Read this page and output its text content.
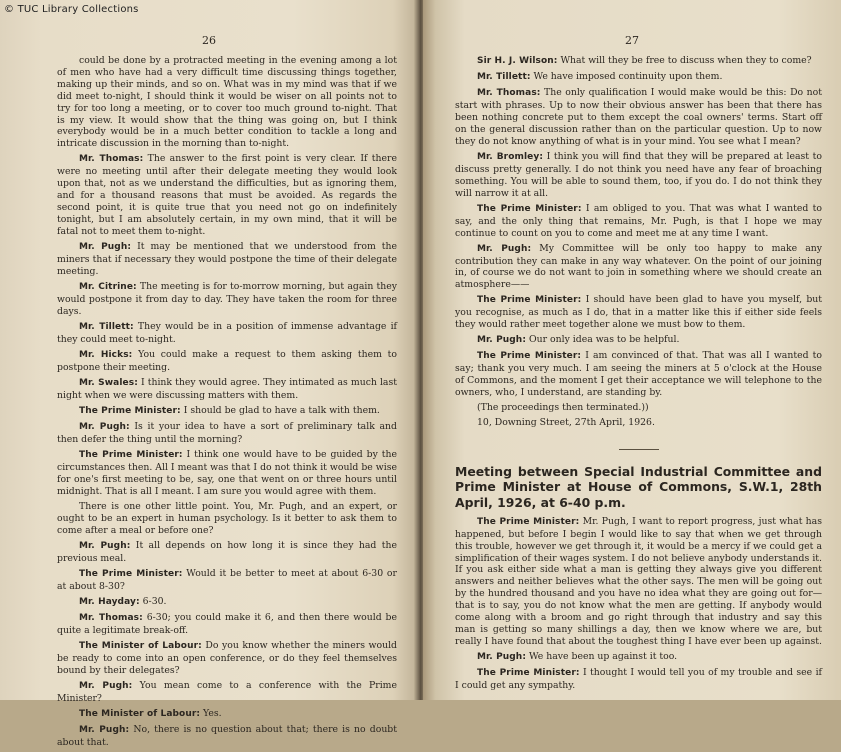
© TUC Library Collections
26

could be done by a protracted meeting in the evening among a lot of men who have had a very difficult time discussing things together, making up their minds, and so on. What was in my mind was that if we did meet to-night, I should think it would be wiser on all points not to try for too long a meeting, or to cover too much ground to-night. That is my view. It would show that the thing was going on, but I think everybody would be in a much better condition to tackle a long and intricate discussion in the morning than to-night.

Mr. Thomas: The answer to the first point is very clear. If there were no meeting until after their delegate meeting they would look upon that, not as we understand the difficulties, but as ignoring them, and for a thousand reasons that must be avoided. As regards the second point, it is quite true that you need not go on indefinitely tonight, but I am absolutely certain, in my own mind, that it will be fatal not to meet them to-night.

Mr. Pugh: It may be mentioned that we understood from the miners that if necessary they would postpone the time of their delegate meeting.

Mr. Citrine: The meeting is for to-morrow morning, but again they would postpone it from day to day. They have taken the room for three days.

Mr. Tillett: They would be in a position of immense advantage if they could meet to-night.

Mr. Hicks: You could make a request to them asking them to postpone their meeting.

Mr. Swales: I think they would agree. They intimated as much last night when we were discussing matters with them.

The Prime Minister: I should be glad to have a talk with them.

Mr. Pugh: Is it your idea to have a sort of preliminary talk and then defer the thing until the morning?

The Prime Minister: I think one would have to be guided by the circumstances then. All I meant was that I do not think it would be wise for one's first meeting to be, say, one that went on or three hours until midnight. That is all I meant. I am sure you would agree with them.

There is one other little point. You, Mr. Pugh, and an expert, or ought to be an expert in human psychology. Is it better to ask them to come after a meal or before one?

Mr. Pugh: It all depends on how long it is since they had the previous meal.

The Prime Minister: Would it be better to meet at about 6-30 or at about 8-30?

Mr. Hayday: 6-30.

Mr. Thomas: 6-30; you could make it 6, and then there would be quite a legitimate break-off.

The Minister of Labour: Do you know whether the miners would be ready to come into an open conference, or do they feel themselves bound by their delegates?

Mr. Pugh: You mean come to a conference with the Prime Minister?

The Minister of Labour: Yes.

Mr. Pugh: No, there is no question about that; there is no doubt about that.

27

Sir H. J. Wilson: What will they be free to discuss when they to come?

Mr. Tillett: We have imposed continuity upon them.

Mr. Thomas: The only qualification I would make would be this: Do not start with phrases. Up to now their obvious answer has been that there has been nothing concrete put to them except the coal owners' terms. Start off on the general discussion rather than on the particular question. Up to now they do not know anything of what is in your mind. You see what I mean?

Mr. Bromley: I think you will find that they will be prepared at least to discuss pretty generally. I do not think you need have any fear of broaching something. You will be able to sound them, too, if you do. I do not think they will narrow it at all.

The Prime Minister: I am obliged to you. That was what I wanted to say, and the only thing that remains, Mr. Pugh, is that I hope we may continue to count on you to come and meet me at any time I want.

Mr. Pugh: My Committee will be only too happy to make any contribution they can make in any way whatever. On the point of our joining in, of course we do not want to join in something where we should create an atmosphere——

The Prime Minister: I should have been glad to have you myself, but you recognise, as much as I do, that in a matter like this if either side feels they would rather meet together alone we must bow to them.

Mr. Pugh: Our only idea was to be helpful.

The Prime Minister: I am convinced of that. That was all I wanted to say; thank you very much. I am seeing the miners at 5 o'clock at the House of Commons, and the moment I get their acceptance we will telephone to the owners, who, I understand, are standing by.

(The proceedings then terminated.))

10, Downing Street, 27th April, 1926.

Meeting between Special Industrial Committee and Prime Minister at House of Commons, S.W.1, 28th April, 1926, at 6-40 p.m.

The Prime Minister: Mr. Pugh, I want to report progress, just what has happened, but before I begin I would like to say that when we get through this trouble, however we get through it, it would be a mercy if we could get a simplification of their wages system. I do not believe anybody understands it. If you ask either side what a man is getting they always give you different answers and neither believes what the other says. The men will be going out by the hundred thousand and you have no idea what they are going out for—that is to say, you do not know what the men are getting. If anybody would come along with a broom and go right through that industry and say this man is getting so many shillings a day, then we know where we are, but really I have found that about the toughest thing I have ever been up against.

Mr. Pugh: We have been up against it too.

The Prime Minister: I thought I would tell you of my trouble and see if I could get any sympathy.
